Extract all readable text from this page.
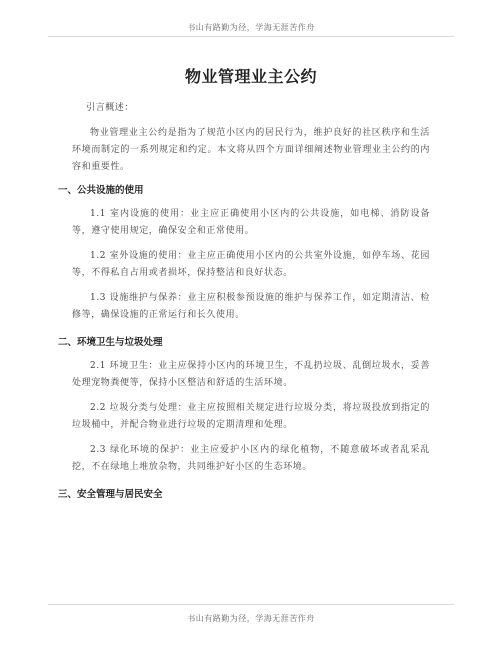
书山有路勤为径，学海无涯苦作舟
物业管理业主公约
引言概述：

物业管理业主公约是指为了规范小区内的居民行为，维护良好的社区秩序和生活环境而制定的一系列规定和约定。本文将从四个方面详细阐述物业管理业主公约的内容和重要性。

一、公共设施的使用

1.1 室内设施的使用：业主应正确使用小区内的公共设施，如电梯、消防设备等，遵守使用规定，确保安全和正常使用。

1.2 室外设施的使用：业主应正确使用小区内的公共室外设施，如停车场、花园等，不得私自占用或者损坏，保持整洁和良好状态。

1.3 设施维护与保养：业主应积极参预设施的维护与保养工作，如定期清洁、检修等，确保设施的正常运行和长久使用。

二、环境卫生与垃圾处理

2.1 环境卫生：业主应保持小区内的环境卫生，不乱扔垃圾、乱倒垃圾水，妥善处理宠物粪便等，保持小区整洁和舒适的生活环境。

2.2 垃圾分类与处理：业主应按照相关规定进行垃圾分类，将垃圾投放到指定的垃圾桶中，并配合物业进行垃圾的定期清理和处理。

2.3 绿化环境的保护：业主应爱护小区内的绿化植物，不随意破坏或者乱采乱挖，不在绿地上堆放杂物，共同维护好小区的生态环境。

三、安全管理与居民安全
书山有路勤为径，学海无涯苦作舟
